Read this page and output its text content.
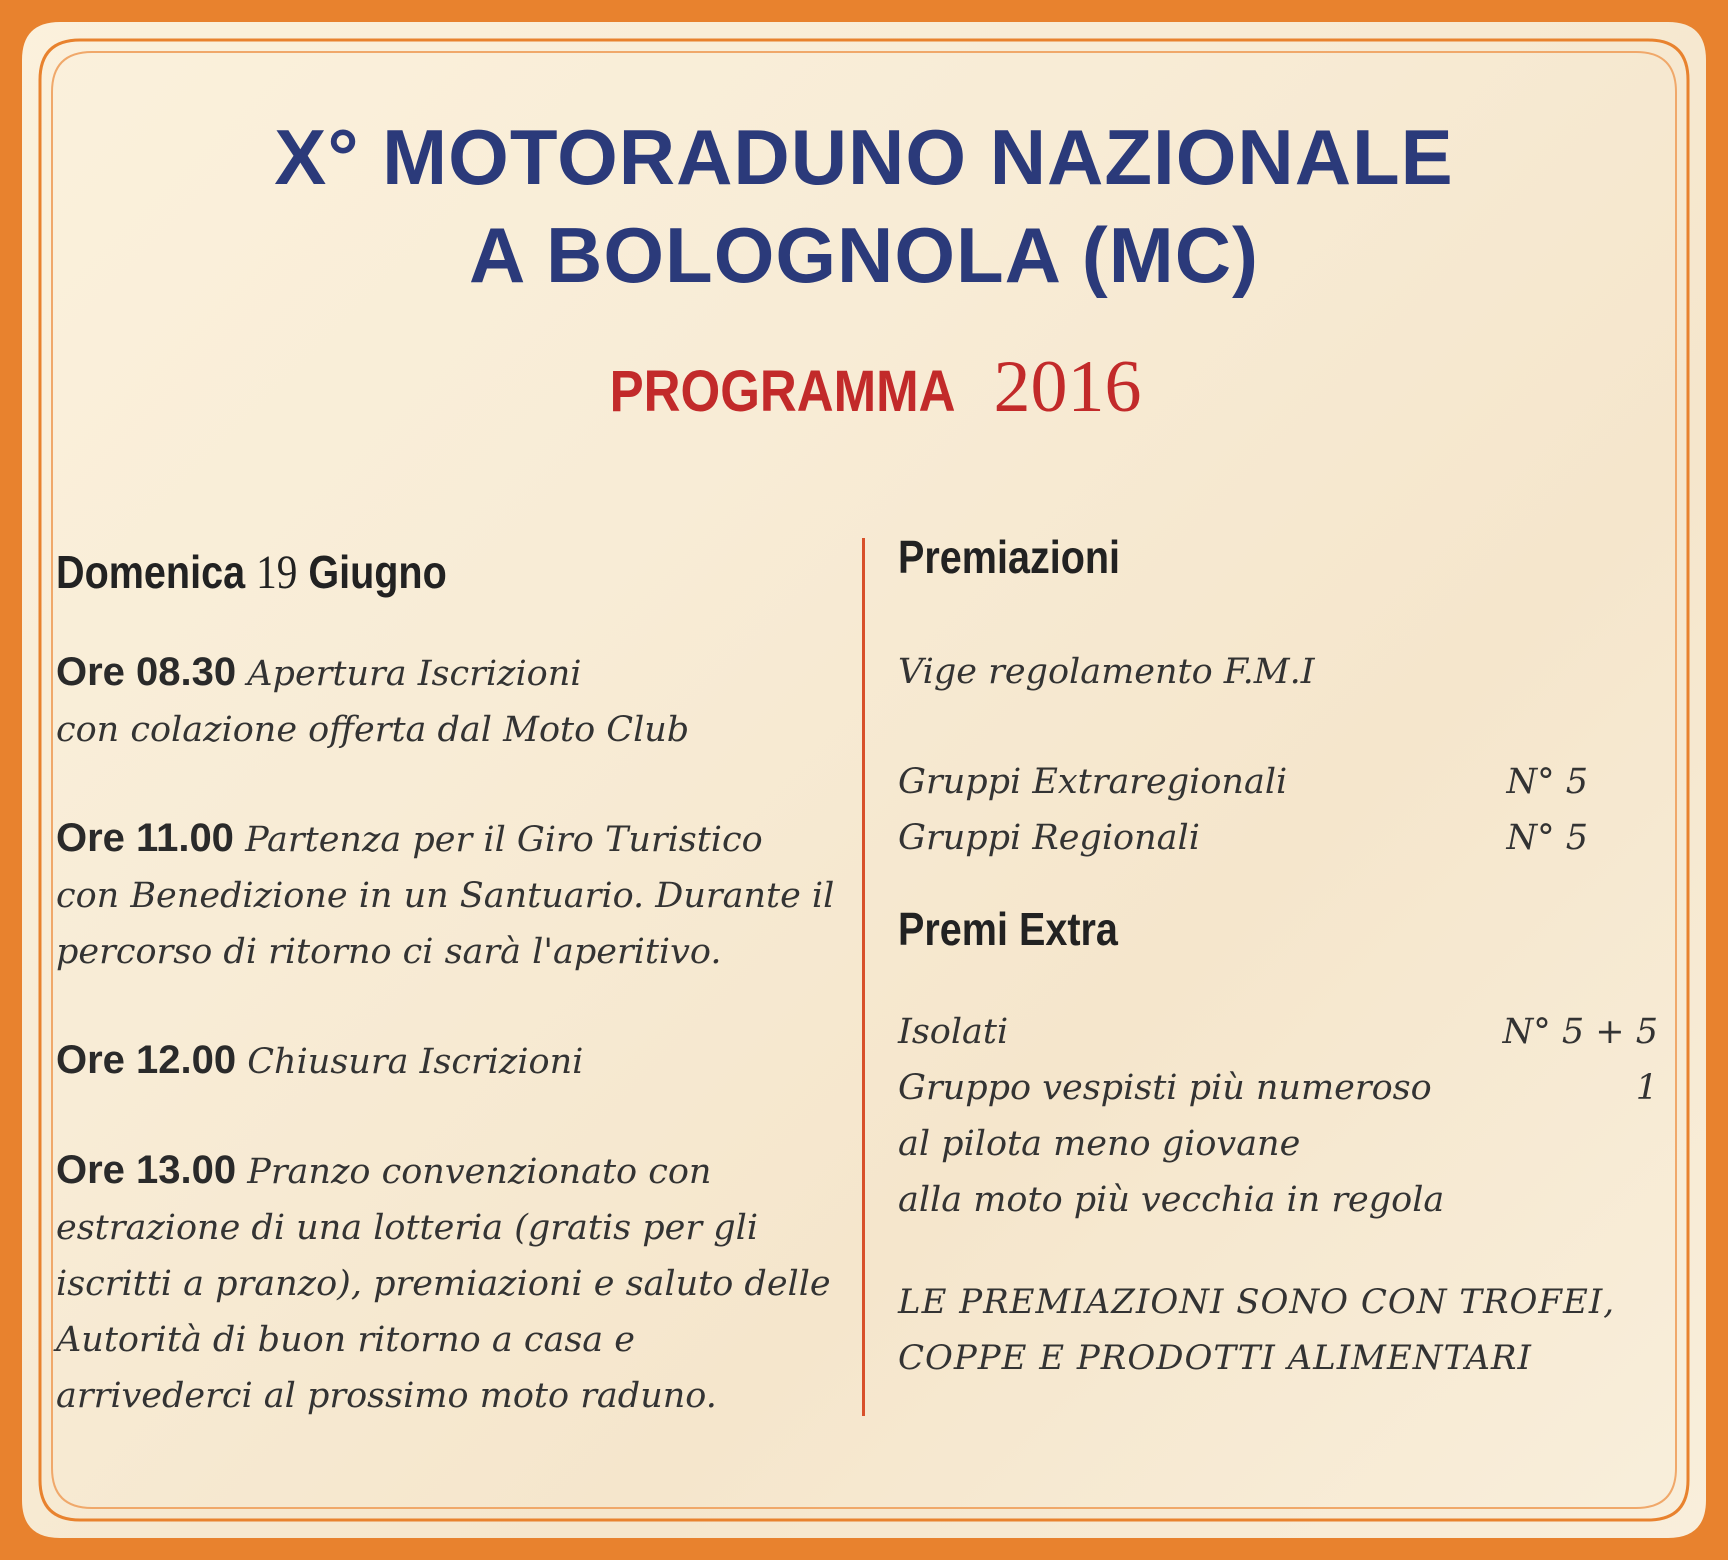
X° MOTORADUNO NAZIONALE
A BOLOGNOLA (MC)
PROGRAMMA 2016
Domenica 19 Giugno

Ore 08.30 Apertura Iscrizioni
con colazione offerta dal Moto Club

Ore 11.00 Partenza per il Giro Turistico
con Benedizione in un Santuario. Durante il
percorso di ritorno ci sarà l'aperitivo.

Ore 12.00 Chiusura Iscrizioni

Ore 13.00 Pranzo convenzionato con
estrazione di una lotteria (gratis per gli
iscritti a pranzo), premiazioni e saluto delle
Autorità di buon ritorno a casa e
arrivederci al prossimo moto raduno.

Premiazioni
Vige regolamento F.M.I
Gruppi Extraregionali	N° 5
Gruppi Regionali	N° 5
Premi Extra
Isolati	N° 5 + 5
Gruppo vespisti più numeroso	1
al pilota meno giovane
alla moto più vecchia in regola
LE PREMIAZIONI SONO CON TROFEI,
COPPE E PRODOTTI ALIMENTARI
